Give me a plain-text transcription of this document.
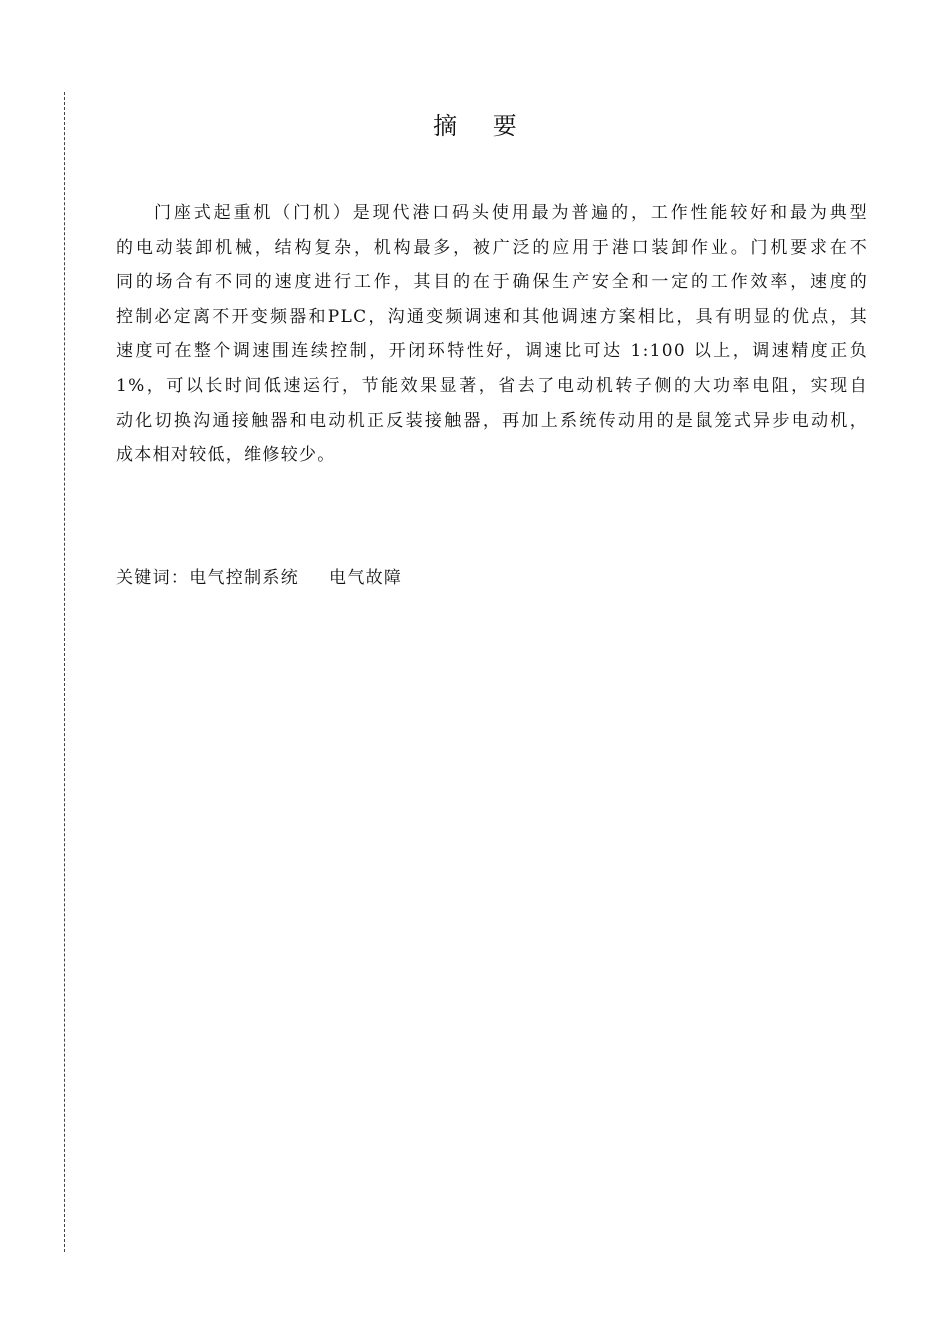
摘 要
门座式起重机（门机）是现代港口码头使用最为普遍的，工作性能较好和最为典型
的电动装卸机械，结构复杂，机构最多，被广泛的应用于港口装卸作业。门机要求在不
同的场合有不同的速度进行工作，其目的在于确保生产安全和一定的工作效率，速度的
控制必定离不开变频器和PLC，沟通变频调速和其他调速方案相比，具有明显的优点，其
速度可在整个调速围连续控制，开闭环特性好，调速比可达 1:100 以上，调速精度正负
1%，可以长时间低速运行，节能效果显著，省去了电动机转子侧的大功率电阻，实现自
动化切换沟通接触器和电动机正反装接触器，再加上系统传动用的是鼠笼式异步电动机，
成本相对较低，维修较少。
关键词：电气控制系统 电气故障
